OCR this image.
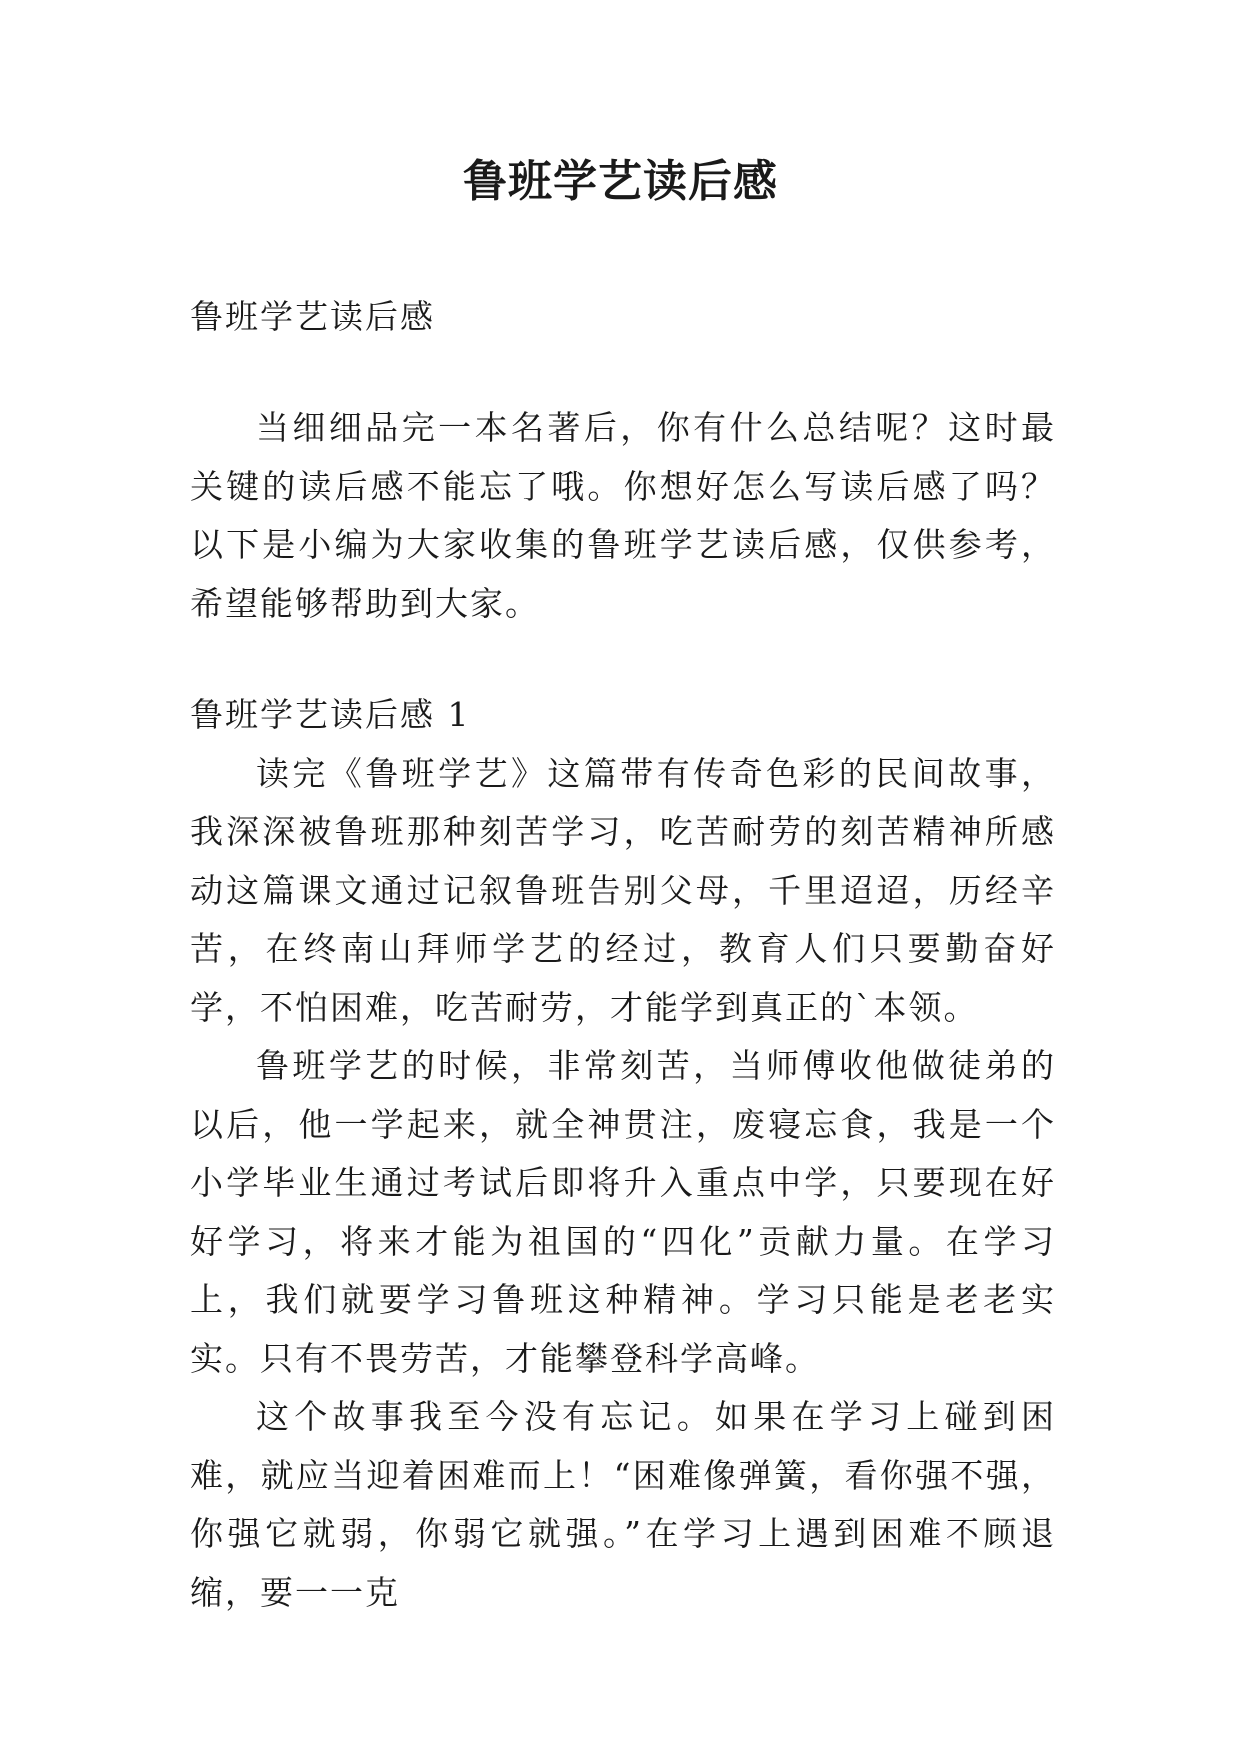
鲁班学艺读后感

鲁班学艺读后感

当细细品完一本名著后，你有什么总结呢？这时最关键的读后感不能忘了哦。你想好怎么写读后感了吗？以下是小编为大家收集的鲁班学艺读后感，仅供参考，希望能够帮助到大家。

鲁班学艺读后感 1

读完《鲁班学艺》这篇带有传奇色彩的民间故事，我深深被鲁班那种刻苦学习，吃苦耐劳的刻苦精神所感动这篇课文通过记叙鲁班告别父母，千里迢迢，历经辛苦，在终南山拜师学艺的经过，教育人们只要勤奋好学，不怕困难，吃苦耐劳，才能学到真正的`本领。

鲁班学艺的时候，非常刻苦，当师傅收他做徒弟的以后，他一学起来，就全神贯注，废寝忘食，我是一个小学毕业生通过考试后即将升入重点中学，只要现在好好学习，将来才能为祖国的“四化”贡献力量。在学习上，我们就要学习鲁班这种精神。学习只能是老老实实。只有不畏劳苦，才能攀登科学高峰。

这个故事我至今没有忘记。如果在学习上碰到困难，就应当迎着困难而上！“困难像弹簧，看你强不强，你强它就弱，你弱它就强。”在学习上遇到困难不顾退缩，要一一克
